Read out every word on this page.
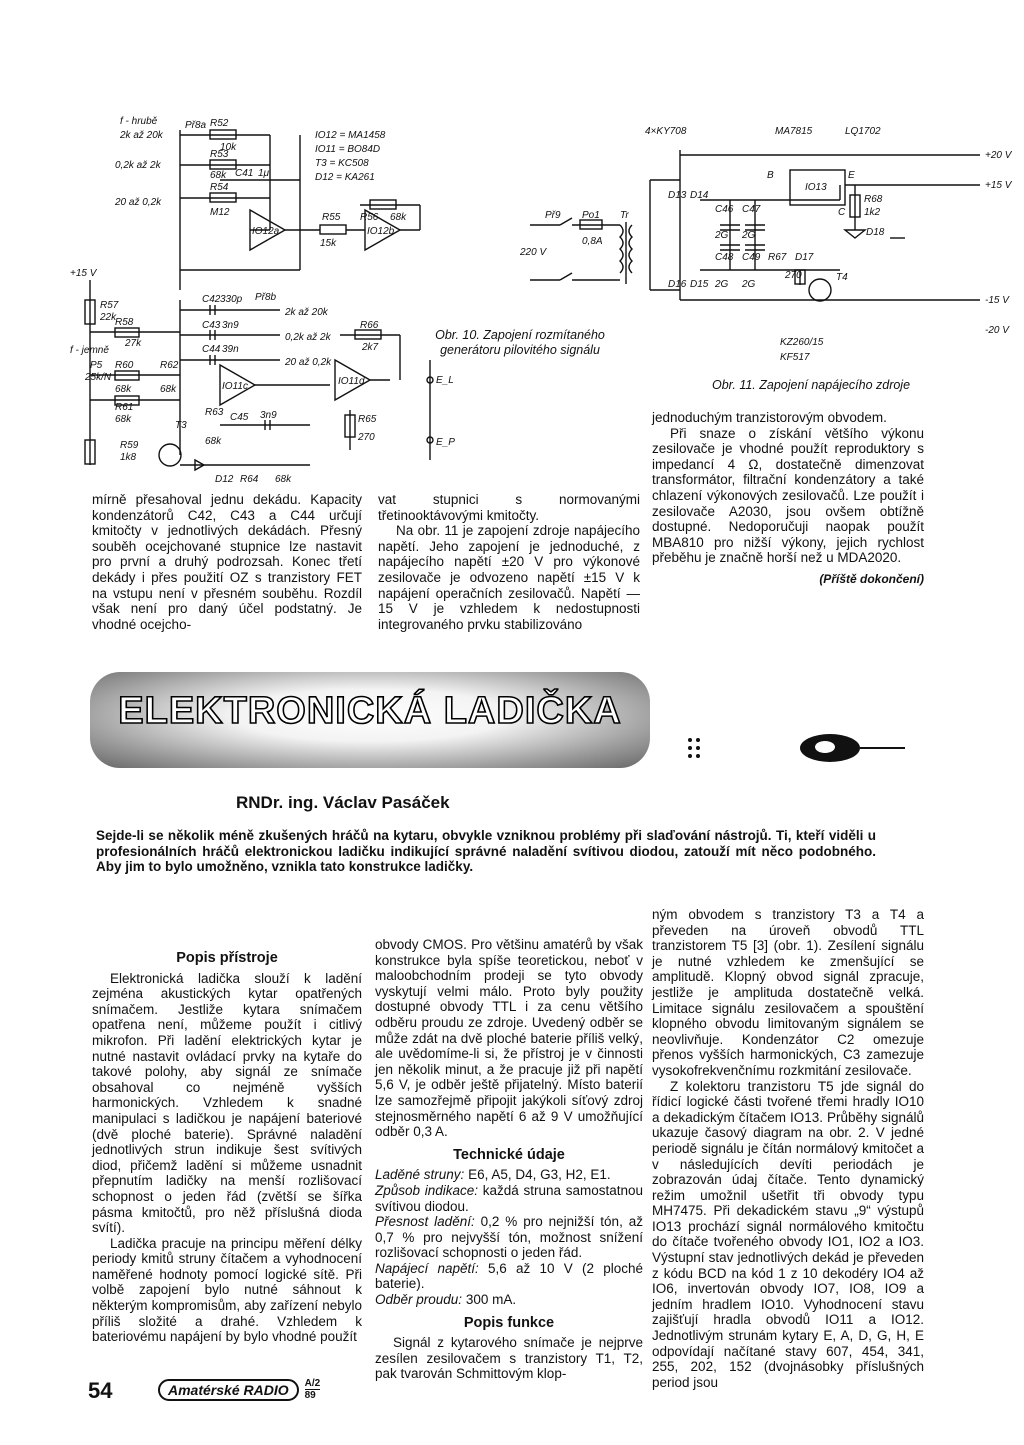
f - hrubě
2k až 20k
0,2k až 2k
20 až 0,2k
Př8a R52
10k
R53
68k
R54
M12
C41 1μ
IO12a
R55
15k
R56 68k
IO12b
IO12 = MA1458
IO11 = BO84D
T3 = KC508
D12 = KA261
+15 V
R57
22k
R58
27k
f - jemně
P5
25k/N
R60
68k
R61
68k
R62
68k
C42 330p Př8b
C43 3n9
C44 39n
2k až 20k
0,2k až 2k
20 až 0,2k
IO11c
R66
2k7
IO11d
R63
68k
C45 3n9	R65
270
T3
R59
1k8
D12 R64 68k
E_L
E_P
Př9 Po1
0,8A
220 V
Tr
4×KY708	MA7815	LQ1702
+20 V
+15 V
B
IO13
E
C
R68
1k2
D18
D13 D14
C46 C47
2G 2G
C48 C49 R67 D17
270	T4
D16 D15 2G 2G
-15 V
-20 V
KZ260/15
KF517
Obr. 10. Zapojení rozmítaného generátoru pilovitého signálu
Obr. 11. Zapojení napájecího zdroje

mírně přesahoval jednu dekádu. Kapacity kondenzátorů C42, C43 a C44 určují kmitočty v jednotlivých dekádách. Přesný souběh ocejchované stupnice lze nastavit pro první a druhý podrozsah. Konec třetí dekády i přes použití OZ s tranzistory FET na vstupu není v přesném souběhu. Rozdíl však není pro daný účel podstatný. Je vhodné ocejcho-

vat stupnici s normovanými třetinooktávovými kmitočty.

Na obr. 11 je zapojení zdroje napájecího napětí. Jeho zapojení je jednoduché, z napájecího napětí ±20 V pro výkonové zesilovače je odvozeno napětí ±15 V k napájení operačních zesilovačů. Napětí —15 V je vzhledem k nedostupnosti integrovaného prvku stabilizováno

jednoduchým tranzistorovým obvodem.

Při snaze o získání většího výkonu zesilovače je vhodné použít reproduktory s impedancí 4 Ω, dostatečně dimenzovat transformátor, filtrační kondenzátory a také chlazení výkonových zesilovačů. Lze použít i zesilovače A2030, jsou ovšem obtížně dostupné. Nedoporučuji naopak použít MBA810 pro nižší výkony, jejich rychlost přeběhu je značně horší než u MDA2020.

(Příště dokončení)

ELEKTRONICKÁ LADIČKA
RNDr. ing. Václav Pasáček
Sejde-li se několik méně zkušených hráčů na kytaru, obvykle vzniknou problémy při slaďování nástrojů. Ti, kteří viděli u profesionálních hráčů elektronickou ladičku indikující správné naladění svítivou diodou, zatouží mít něco podobného. Aby jim to bylo umožněno, vznikla tato konstrukce ladičky.
Popis přístroje

Elektronická ladička slouží k ladění zejména akustických kytar opatřených snímačem. Jestliže kytara snímačem opatřena není, můžeme použít i citlivý mikrofon. Při ladění elektrických kytar je nutné nastavit ovládací prvky na kytaře do takové polohy, aby signál ze snímače obsahoval co nejméně vyšších harmonických. Vzhledem k snadné manipulaci s ladičkou je napájení bateriové (dvě ploché baterie). Správné naladění jednotlivých strun indikuje šest svítivých diod, přičemž ladění si můžeme usnadnit přepnutím ladičky na menší rozlišovací schopnost o jeden řád (zvětší se šířka pásma kmitočtů, pro něž příslušná dioda svítí).

Ladička pracuje na principu měření délky periody kmitů struny čítačem a vyhodnocení naměřené hodnoty pomocí logické sítě. Při volbě zapojení bylo nutné sáhnout k některým kompromisům, aby zařízení nebylo příliš složité a drahé. Vzhledem k bateriovému napájení by bylo vhodné použít

obvody CMOS. Pro většinu amatérů by však konstrukce byla spíše teoretickou, neboť v maloobchodním prodeji se tyto obvody vyskytují velmi málo. Proto byly použity dostupné obvody TTL i za cenu většího odběru proudu ze zdroje. Uvedený odběr se může zdát na dvě ploché baterie příliš velký, ale uvědomíme-li si, že přístroj je v činnosti jen několik minut, a že pracuje již při napětí 5,6 V, je odběr ještě přijatelný. Místo baterií lze samozřejmě připojit jakýkoli síťový zdroj stejnosměrného napětí 6 až 9 V umožňující odběr 0,3 A.

Technické údaje

Laděné struny: E6, A5, D4, G3, H2, E1.

Způsob indikace: každá struna samostatnou svítivou diodou.

Přesnost ladění: 0,2 % pro nejnižší tón, až 0,7 % pro nejvyšší tón, možnost snížení rozlišovací schopnosti o jeden řád.

Napájecí napětí: 5,6 až 10 V (2 ploché baterie).

Odběr proudu: 300 mA.

Popis funkce

Signál z kytarového snímače je nejprve zesílen zesilovačem s tranzistory T1, T2, pak tvarován Schmittovým klop-

ným obvodem s tranzistory T3 a T4 a převeden na úroveň obvodů TTL tranzistorem T5 [3] (obr. 1). Zesílení signálu je nutné vzhledem ke zmenšující se amplitudě. Klopný obvod signál zpracuje, jestliže je amplituda dostatečně velká. Limitace signálu zesilovačem a spouštění klopného obvodu limitovaným signálem se neovlivňuje. Kondenzátor C2 omezuje přenos vyšších harmonických, C3 zamezuje vysokofrekvenčnímu rozkmitání zesilovače.

Z kolektoru tranzistoru T5 jde signál do řídicí logické části tvořené třemi hradly IO10 a dekadickým čítačem IO13. Průběhy signálů ukazuje časový diagram na obr. 2. V jedné periodě signálu je čítán normálový kmitočet a v následujících devíti periodách je zobrazován údaj čítače. Tento dynamický režim umožnil ušetřit tři obvody typu MH7475. Při dekadickém stavu „9“ výstupů IO13 prochází signál normálového kmitočtu do čítače tvořeného obvody IO1, IO2 a IO3. Výstupní stav jednotlivých dekád je převeden z kódu BCD na kód 1 z 10 dekodéry IO4 až IO6, invertován obvody IO7, IO8, IO9 a jedním hradlem IO10. Vyhodnocení stavu zajišťují hradla obvodů IO11 a IO12. Jednotlivým strunám kytary E, A, D, G, H, E odpovídají načítané stavy 607, 454, 341, 255, 202, 152 (dvojnásobky příslušných period jsou

54	Amatérské RADIO	A/2
89
